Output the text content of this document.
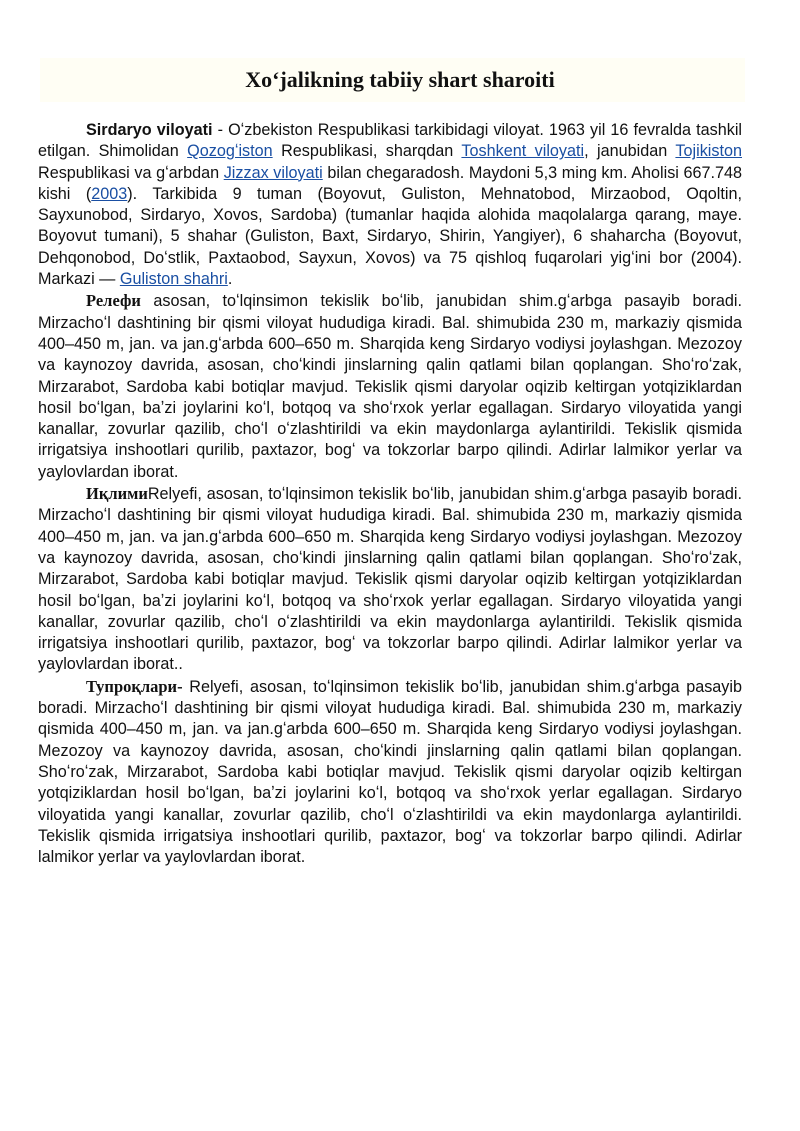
Xoʻjalikning tabiiy shart sharoiti

Sirdaryo viloyati - Oʻzbekiston Respublikasi tarkibidagi viloyat. 1963 yil 16 fevralda tashkil etilgan. Shimolidan Qozogʻiston Respublikasi, sharqdan Toshkent viloyati, janubidan Tojikiston Respublikasi va gʻarbdan Jizzax viloyati bilan chegaradosh. Maydoni 5,3 ming km. Aholisi 667.748 kishi (2003). Tarkibida 9 tuman (Boyovut, Guliston, Mehnatobod, Mirzaobod, Oqoltin, Sayxunobod, Sirdaryo, Xovos, Sardoba) (tumanlar haqida alohida maqolalarga qarang, maye. Boyovut tumani), 5 shahar (Guliston, Baxt, Sirdaryo, Shirin, Yangiyer), 6 shaharcha (Boyovut, Dehqonobod, Doʻstlik, Paxtaobod, Sayxun, Xovos) va 75 qishloq fuqarolari yigʻini bor (2004). Markazi — Guliston shahri.

Релефи asosan, toʻlqinsimon tekislik boʻlib, janubidan shim.gʻarbga pasayib boradi. Mirzachoʻl dashtining bir qismi viloyat hududiga kiradi. Bal. shimubida 230 m, markaziy qismida 400–450 m, jan. va jan.gʻarbda 600–650 m. Sharqida keng Sirdaryo vodiysi joylashgan. Mezozoy va kaynozoy davrida, asosan, choʻkindi jinslarning qalin qatlami bilan qoplangan. Shoʻroʻzak, Mirzarabot, Sardoba kabi botiqlar mavjud. Tekislik qismi daryolar oqizib keltirgan yotqiziklardan hosil boʻlgan, baʼzi joylarini koʻl, botqoq va shoʻrxok yerlar egallagan. Sirdaryo viloyatida yangi kanallar, zovurlar qazilib, choʻl oʻzlashtirildi va ekin maydonlarga aylantirildi. Tekislik qismida irrigatsiya inshootlari qurilib, paxtazor, bogʻ va tokzorlar barpo qilindi. Adirlar lalmikor yerlar va yaylovlardan iborat.

ИқлимиRelyefi, asosan, toʻlqinsimon tekislik boʻlib, janubidan shim.gʻarbga pasayib boradi. Mirzachoʻl dashtining bir qismi viloyat hududiga kiradi. Bal. shimubida 230 m, markaziy qismida 400–450 m, jan. va jan.gʻarbda 600–650 m. Sharqida keng Sirdaryo vodiysi joylashgan. Mezozoy va kaynozoy davrida, asosan, choʻkindi jinslarning qalin qatlami bilan qoplangan. Shoʻroʻzak, Mirzarabot, Sardoba kabi botiqlar mavjud. Tekislik qismi daryolar oqizib keltirgan yotqiziklardan hosil boʻlgan, baʼzi joylarini koʻl, botqoq va shoʻrxok yerlar egallagan. Sirdaryo viloyatida yangi kanallar, zovurlar qazilib, choʻl oʻzlashtirildi va ekin maydonlarga aylantirildi. Tekislik qismida irrigatsiya inshootlari qurilib, paxtazor, bogʻ va tokzorlar barpo qilindi. Adirlar lalmikor yerlar va yaylovlardan iborat..

Тупроқлари- Relyefi, asosan, toʻlqinsimon tekislik boʻlib, janubidan shim.gʻarbga pasayib boradi. Mirzachoʻl dashtining bir qismi viloyat hududiga kiradi. Bal. shimubida 230 m, markaziy qismida 400–450 m, jan. va jan.gʻarbda 600–650 m. Sharqida keng Sirdaryo vodiysi joylashgan. Mezozoy va kaynozoy davrida, asosan, choʻkindi jinslarning qalin qatlami bilan qoplangan. Shoʻroʻzak, Mirzarabot, Sardoba kabi botiqlar mavjud. Tekislik qismi daryolar oqizib keltirgan yotqiziklardan hosil boʻlgan, baʼzi joylarini koʻl, botqoq va shoʻrxok yerlar egallagan. Sirdaryo viloyatida yangi kanallar, zovurlar qazilib, choʻl oʻzlashtirildi va ekin maydonlarga aylantirildi. Tekislik qismida irrigatsiya inshootlari qurilib, paxtazor, bogʻ va tokzorlar barpo qilindi. Adirlar lalmikor yerlar va yaylovlardan iborat.
